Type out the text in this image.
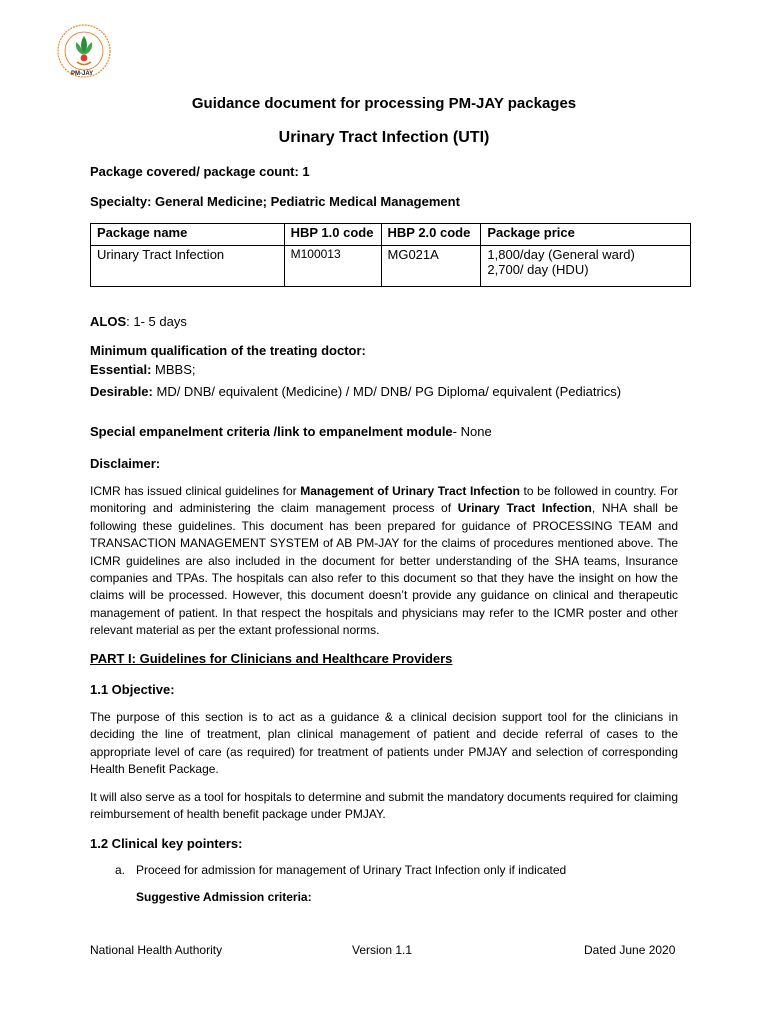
PM-JAY
Guidance document for processing PM-JAY packages
Urinary Tract Infection (UTI)
Package covered/ package count: 1
Specialty: General Medicine; Pediatric Medical Management
Package name	HBP 1.0 code	HBP 2.0 code	Package price
Urinary Tract Infection	M100013	MG021A	1,800/day (General ward)
2,700/ day (HDU)
ALOS: 1- 5 days
Minimum qualification of the treating doctor:
Essential: MBBS;
Desirable: MD/ DNB/ equivalent (Medicine) / MD/ DNB/ PG Diploma/ equivalent (Pediatrics)
Special empanelment criteria /link to empanelment module- None
Disclaimer:
ICMR has issued clinical guidelines for Management of Urinary Tract Infection to be followed in country. For monitoring and administering the claim management process of Urinary Tract Infection, NHA shall be following these guidelines. This document has been prepared for guidance of PROCESSING TEAM and TRANSACTION MANAGEMENT SYSTEM of AB PM-JAY for the claims of procedures mentioned above. The ICMR guidelines are also included in the document for better understanding of the SHA teams, Insurance companies and TPAs. The hospitals can also refer to this document so that they have the insight on how the claims will be processed. However, this document doesn’t provide any guidance on clinical and therapeutic management of patient. In that respect the hospitals and physicians may refer to the ICMR poster and other relevant material as per the extant professional norms.
PART I: Guidelines for Clinicians and Healthcare Providers
1.1 Objective:
The purpose of this section is to act as a guidance & a clinical decision support tool for the clinicians in deciding the line of treatment, plan clinical management of patient and decide referral of cases to the appropriate level of care (as required) for treatment of patients under PMJAY and selection of corresponding Health Benefit Package.
It will also serve as a tool for hospitals to determine and submit the mandatory documents required for claiming reimbursement of health benefit package under PMJAY.
1.2 Clinical key pointers:
a. Proceed for admission for management of Urinary Tract Infection only if indicated
Suggestive Admission criteria:
National Health Authority	Version 1.1	Dated June 2020
